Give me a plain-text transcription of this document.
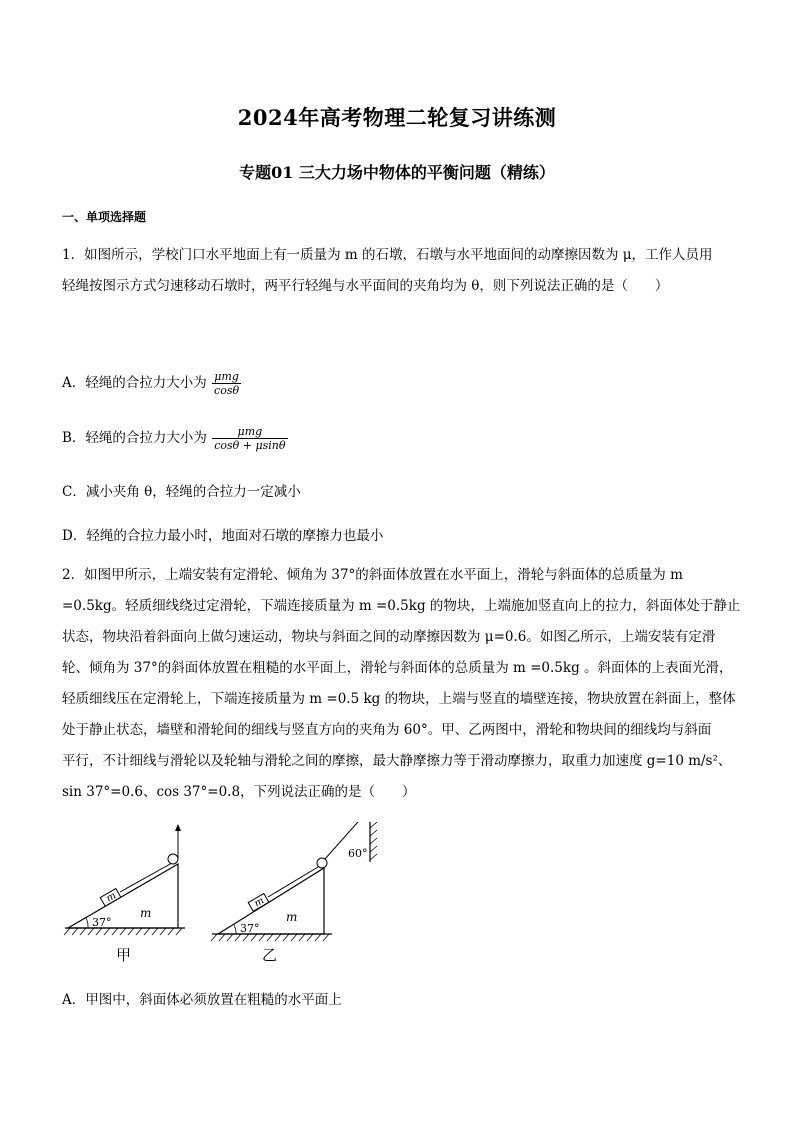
2024年高考物理二轮复习讲练测
专题01 三大力场中物体的平衡问题（精练）
一、单项选择题
1．如图所示，学校门口水平地面上有一质量为 m 的石墩，石墩与水平地面间的动摩擦因数为 μ，工作人员用
轻绳按图示方式匀速移动石墩时，两平行轻绳与水平面间的夹角均为 θ，则下列说法正确的是（　　）
A．轻绳的合拉力大小为 $\frac{\text{μmg}}{\cos\theta}$
B．轻绳的合拉力大小为 $\frac{\text{μmg}}{\cos\theta + \mu\sin\theta}$
C．减小夹角 θ，轻绳的合拉力一定减小
D．轻绳的合拉力最小时，地面对石墩的摩擦力也最小
2．如图甲所示，上端安装有定滑轮、倾角为 37°的斜面体放置在水平面上，滑轮与斜面体的总质量为 m
=0.5kg。轻质细线绕过定滑轮，下端连接质量为 m =0.5kg 的物块，上端施加竖直向上的拉力，斜面体处于静止
状态，物块沿着斜面向上做匀速运动，物块与斜面之间的动摩擦因数为 μ=0.6。如图乙所示，上端安装有定滑
轮、倾角为 37°的斜面体放置在粗糙的水平面上，滑轮与斜面体的总质量为 m =0.5kg 。斜面体的上表面光滑，
轻质细线压在定滑轮上，下端连接质量为 m =0.5 kg 的物块，上端与竖直的墙壁连接，物块放置在斜面上，整体
处于静止状态，墙壁和滑轮间的细线与竖直方向的夹角为 60°。甲、乙两图中，滑轮和物块间的细线均与斜面
平行，不计细线与滑轮以及轮轴与滑轮之间的摩擦，最大静摩擦力等于滑动摩擦力，取重力加速度 g=10 m/s²、
sin 37°=0.6、cos 37°=0.8，下列说法正确的是（　　）
37°
m
m
甲
37°
m
m
60°
乙
A．甲图中，斜面体必须放置在粗糙的水平面上
